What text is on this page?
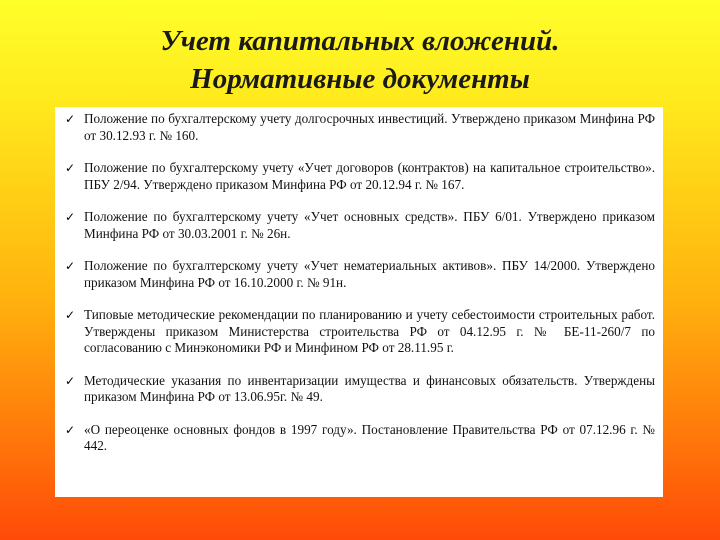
Учет капитальных вложений.
Нормативные документы
✓ Положение по бухгалтерскому учету долгосрочных инвестиций. Утверждено приказом Минфина РФ от 30.12.93 г. № 160.
✓ Положение по бухгалтерскому учету «Учет договоров (контрактов) на капитальное строительство». ПБУ 2/94. Утверждено приказом Минфина РФ от 20.12.94 г. № 167.
✓ Положение по бухгалтерскому учету «Учет основных средств». ПБУ 6/01. Утверждено приказом Минфина РФ от 30.03.2001 г. № 26н.
✓ Положение по бухгалтерскому учету «Учет нематериальных активов». ПБУ 14/2000. Утверждено приказом Минфина РФ от 16.10.2000 г. № 91н.
✓ Типовые методические рекомендации по планированию и учету себестоимости строительных работ. Утверждены приказом Министерства строительства РФ от 04.12.95 г. № БЕ-11-260/7 по согласованию с Минэкономики РФ и Минфином РФ от 28.11.95 г.
✓ Методические указания по инвентаризации имущества и финансовых обязательств. Утверждены приказом Минфина РФ от 13.06.95г. № 49.
✓ «О переоценке основных фондов в 1997 году». Постановление Правительства РФ от 07.12.96 г. № 442.
